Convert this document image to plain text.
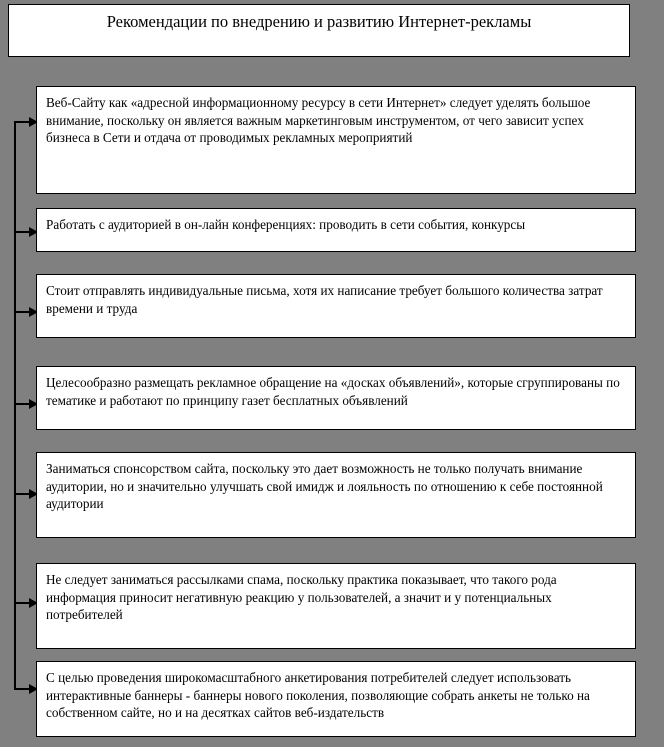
Рекомендации по внедрению и развитию Интернет-рекламы
Веб-Сайту как «адресной информационному ресурсу в сети Интернет» следует уделять большое внимание, поскольку он является важным маркетинговым инструментом, от чего зависит успех бизнеса в Сети и отдача от проводимых рекламных мероприятий
Работать с аудиторией в он-лайн конференциях: проводить в сети события, конкурсы
Стоит отправлять индивидуальные письма, хотя их написание требует большого количества затрат времени и труда
Целесообразно размещать рекламное обращение на «досках объявлений», которые сгруппированы по тематике и работают по принципу газет бесплатных объявлений
Заниматься спонсорством сайта, поскольку это дает возможность не только получать внимание аудитории, но и значительно улучшать свой имидж и лояльность по отношению к себе постоянной аудитории
Не следует заниматься рассылками спама, поскольку практика показывает, что такого рода информация приносит негативную реакцию у пользователей, а значит и у потенциальных потребителей
С целью проведения широкомасштабного анкетирования потребителей следует использовать интерактивные баннеры - баннеры нового поколения, позволяющие собрать анкеты не только на собственном сайте, но и на десятках сайтов веб-издательств
